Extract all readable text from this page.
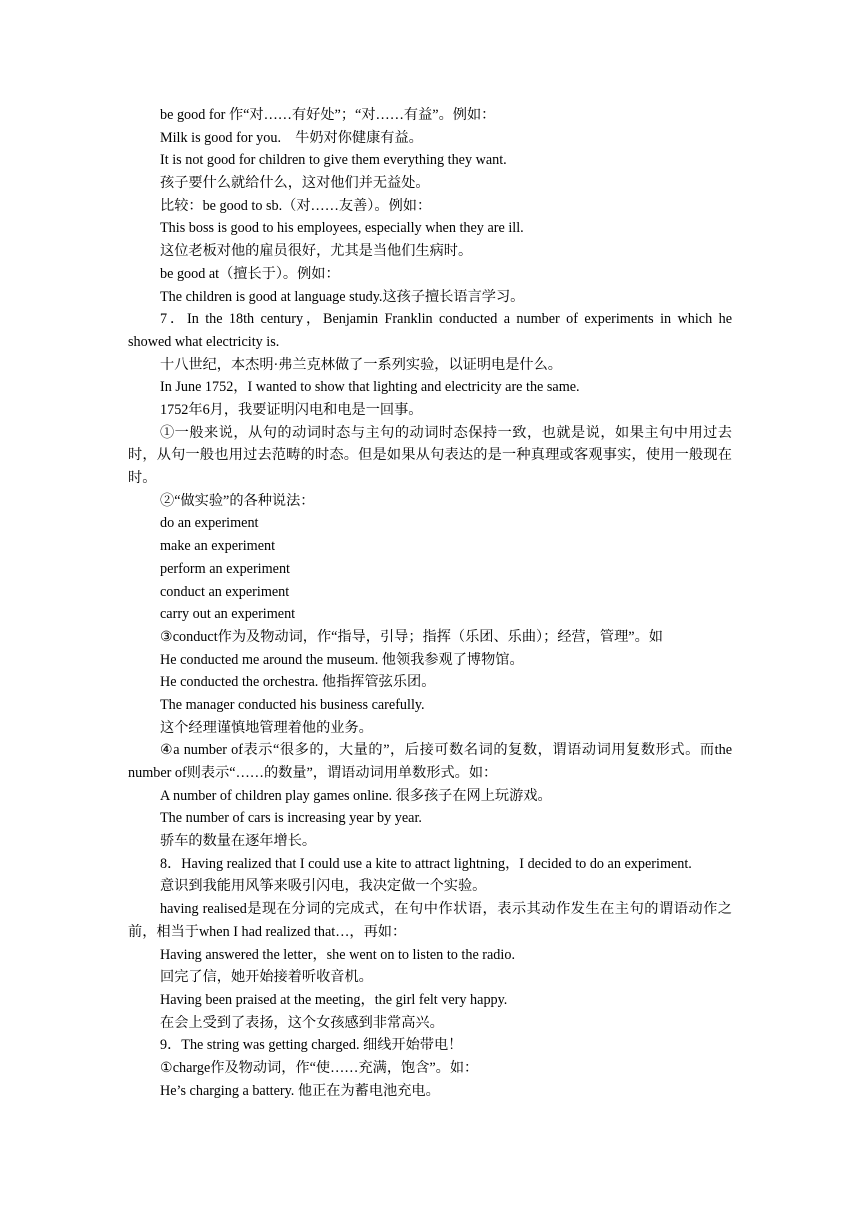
be good for 作“对……有好处”；“对……有益”。例如：

Milk is good for you.　牛奶对你健康有益。

It is not good for children to give them everything they want.

孩子要什么就给什么，这对他们并无益处。

比较：be good to sb.（对……友善）。例如：

This boss is good to his employees, especially when they are ill.

这位老板对他的雇员很好，尤其是当他们生病时。

be good at（擅长于）。例如：

The children is good at language study.这孩子擅长语言学习。

7．In the 18th century，Benjamin Franklin conducted a number of experiments in which he showed what electricity is.

十八世纪，本杰明·弗兰克林做了一系列实验，以证明电是什么。

In June 1752，I wanted to show that lighting and electricity are the same.

1752年6月，我要证明闪电和电是一回事。

①一般来说，从句的动词时态与主句的动词时态保持一致，也就是说，如果主句中用过去时，从句一般也用过去范畴的时态。但是如果从句表达的是一种真理或客观事实，使用一般现在时。

②“做实验”的各种说法：

do an experiment

make an experiment

perform an experiment

conduct an experiment

carry out an experiment

③conduct作为及物动词，作“指导，引导；指挥（乐团、乐曲）；经营，管理”。如

He conducted me around the museum. 他领我参观了博物馆。

He conducted the orchestra. 他指挥管弦乐团。

The manager conducted his business carefully.

这个经理谨慎地管理着他的业务。

④a number of表示“很多的，大量的”，后接可数名词的复数，谓语动词用复数形式。而the number of则表示“……的数量”，谓语动词用单数形式。如：

A number of children play games online. 很多孩子在网上玩游戏。

The number of cars is increasing year by year.

骄车的数量在逐年增长。

8．Having realized that I could use a kite to attract lightning，I decided to do an experiment.

意识到我能用风筝来吸引闪电，我决定做一个实验。

having realised是现在分词的完成式，在句中作状语，表示其动作发生在主句的谓语动作之前，相当于when I had realized that…，再如：

Having answered the letter，she went on to listen to the radio.

回完了信，她开始接着听收音机。

Having been praised at the meeting，the girl felt very happy.

在会上受到了表扬，这个女孩感到非常高兴。

9．The string was getting charged. 细线开始带电！

①charge作及物动词，作“使……充满，饱含”。如：

He’s charging a battery. 他正在为蓄电池充电。
